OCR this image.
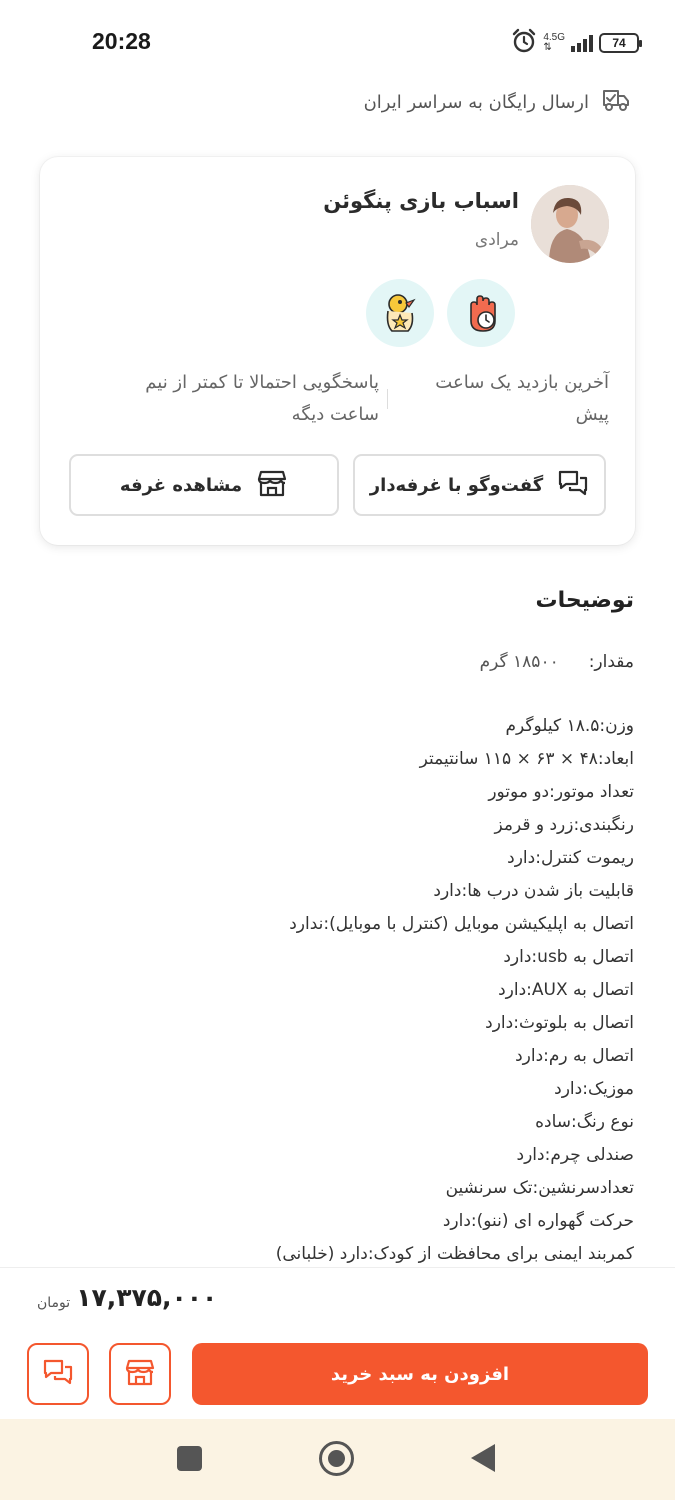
20:28	4.5G
⇅	74
ارسال رایگان به سراسر ایران
اسباب بازی پنگوئن
مرادی
آخرین بازدید یک ساعت پیش
پاسخگویی احتمالا تا کمتر از نیم ساعت دیگه
گفت‌وگو با غرفه‌دار
مشاهده غرفه
توضیحات
مقدار:
۱۸۵۰۰ گرم
وزن:۱۸.۵ کیلوگرم
ابعاد:۴۸ × ۶۳ × ۱۱۵ سانتیمتر
تعداد موتور:دو موتور
رنگبندی:زرد و قرمز
ریموت کنترل:دارد
قابلیت باز شدن درب ها:دارد
اتصال به اپلیکیشن موبایل (کنترل با موبایل):ندارد
اتصال به usb:دارد
اتصال به AUX:دارد
اتصال به بلوتوث:دارد
اتصال به رم:دارد
موزیک:دارد
نوع رنگ:ساده
صندلی چرم:دارد
تعدادسرنشین:تک سرنشین
حرکت گهواره ای (ننو):دارد
کمربند ایمنی برای محافظت از کودک:دارد (خلبانی)
تومان ۱۷,۳۷۵,۰۰۰
افزودن به سبد خرید
